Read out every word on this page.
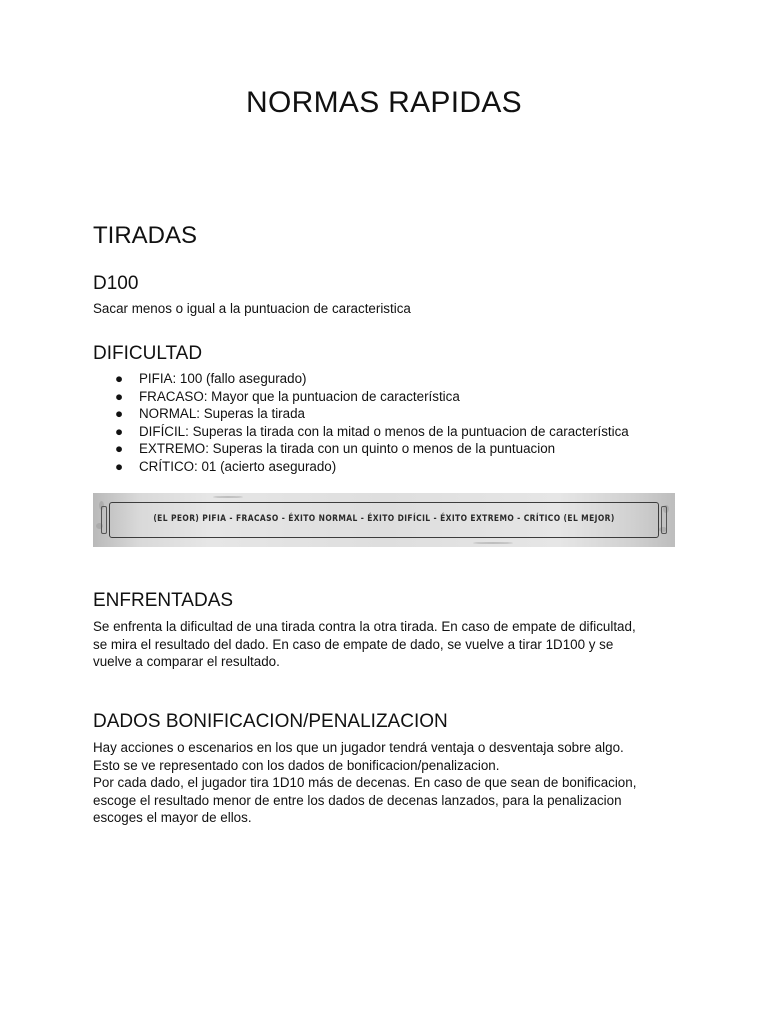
NORMAS RAPIDAS
TIRADAS
D100

Sacar menos o igual a la puntuacion de caracteristica

DIFICULTAD
● PIFIA: 100 (fallo asegurado)
● FRACASO: Mayor que la puntuacion de característica
● NORMAL: Superas la tirada
● DIFÍCIL: Superas la tirada con la mitad o menos de la puntuacion de característica
● EXTREMO: Superas la tirada con un quinto o menos de la puntuacion
● CRÍTICO: 01 (acierto asegurado)
(EL PEOR) PIFIA - FRACASO - ÉXITO NORMAL - ÉXITO DIFÍCIL - ÉXITO EXTREMO - CRÍTICO (EL MEJOR)
ENFRENTADAS
Se enfrenta la dificultad de una tirada contra la otra tirada. En caso de empate de dificultad,
se mira el resultado del dado. En caso de empate de dado, se vuelve a tirar 1D100 y se
vuelve a comparar el resultado.
DADOS BONIFICACION/PENALIZACION
Hay acciones o escenarios en los que un jugador tendrá ventaja o desventaja sobre algo.
Esto se ve representado con los dados de bonificacion/penalizacion.
Por cada dado, el jugador tira 1D10 más de decenas. En caso de que sean de bonificacion,
escoge el resultado menor de entre los dados de decenas lanzados, para la penalizacion
escoges el mayor de ellos.
